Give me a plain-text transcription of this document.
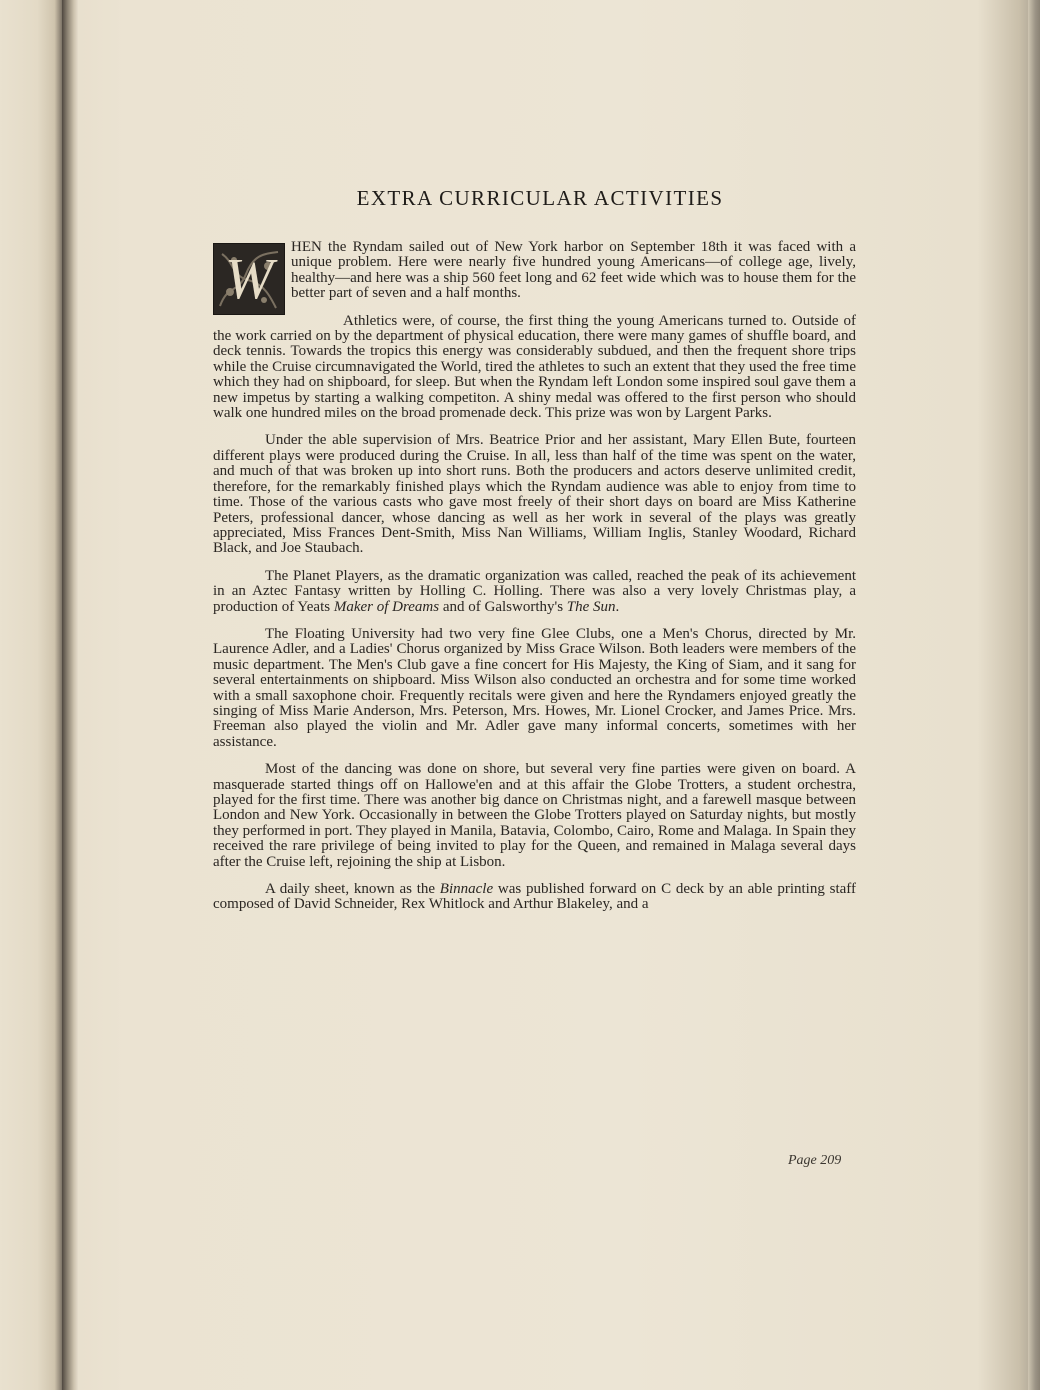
EXTRA CURRICULAR ACTIVITIES

W	HEN the Ryndam sailed out of New York harbor on September 18th it was faced with a unique problem. Here were nearly five hundred young Americans—of college age, lively, healthy—and here was a ship 560 feet long and 62 feet wide which was to house them for the better part of seven and a half months.

Athletics were, of course, the first thing the young Americans turned to. Outside of the work carried on by the department of physical education, there were many games of shuffle board, and deck tennis. Towards the tropics this energy was considerably subdued, and then the frequent shore trips while the Cruise circumnavigated the World, tired the athletes to such an extent that they used the free time which they had on shipboard, for sleep. But when the Ryndam left London some inspired soul gave them a new impetus by starting a walking competiton. A shiny medal was offered to the first person who should walk one hundred miles on the broad promenade deck. This prize was won by Largent Parks.

Under the able supervision of Mrs. Beatrice Prior and her assistant, Mary Ellen Bute, fourteen different plays were produced during the Cruise. In all, less than half of the time was spent on the water, and much of that was broken up into short runs. Both the producers and actors deserve unlimited credit, therefore, for the remarkably finished plays which the Ryndam audience was able to enjoy from time to time. Those of the various casts who gave most freely of their short days on board are Miss Katherine Peters, professional dancer, whose dancing as well as her work in several of the plays was greatly appreciated, Miss Frances Dent-Smith, Miss Nan Williams, William Inglis, Stanley Woodard, Richard Black, and Joe Staubach.

The Planet Players, as the dramatic organization was called, reached the peak of its achievement in an Aztec Fantasy written by Holling C. Holling. There was also a very lovely Christmas play, a production of Yeats Maker of Dreams and of Galsworthy's The Sun.

The Floating University had two very fine Glee Clubs, one a Men's Chorus, directed by Mr. Laurence Adler, and a Ladies' Chorus organized by Miss Grace Wilson. Both leaders were members of the music department. The Men's Club gave a fine concert for His Majesty, the King of Siam, and it sang for several entertainments on shipboard. Miss Wilson also conducted an orchestra and for some time worked with a small saxophone choir. Frequently recitals were given and here the Ryndamers enjoyed greatly the singing of Miss Marie Anderson, Mrs. Peterson, Mrs. Howes, Mr. Lionel Crocker, and James Price. Mrs. Freeman also played the violin and Mr. Adler gave many informal concerts, sometimes with her assistance.

Most of the dancing was done on shore, but several very fine parties were given on board. A masquerade started things off on Hallowe'en and at this affair the Globe Trotters, a student orchestra, played for the first time. There was another big dance on Christmas night, and a farewell masque between London and New York. Occasionally in between the Globe Trotters played on Saturday nights, but mostly they performed in port. They played in Manila, Batavia, Colombo, Cairo, Rome and Malaga. In Spain they received the rare privilege of being invited to play for the Queen, and remained in Malaga several days after the Cruise left, rejoining the ship at Lisbon.

A daily sheet, known as the Binnacle was published forward on C deck by an able printing staff composed of David Schneider, Rex Whitlock and Arthur Blakeley, and a

Page 209
